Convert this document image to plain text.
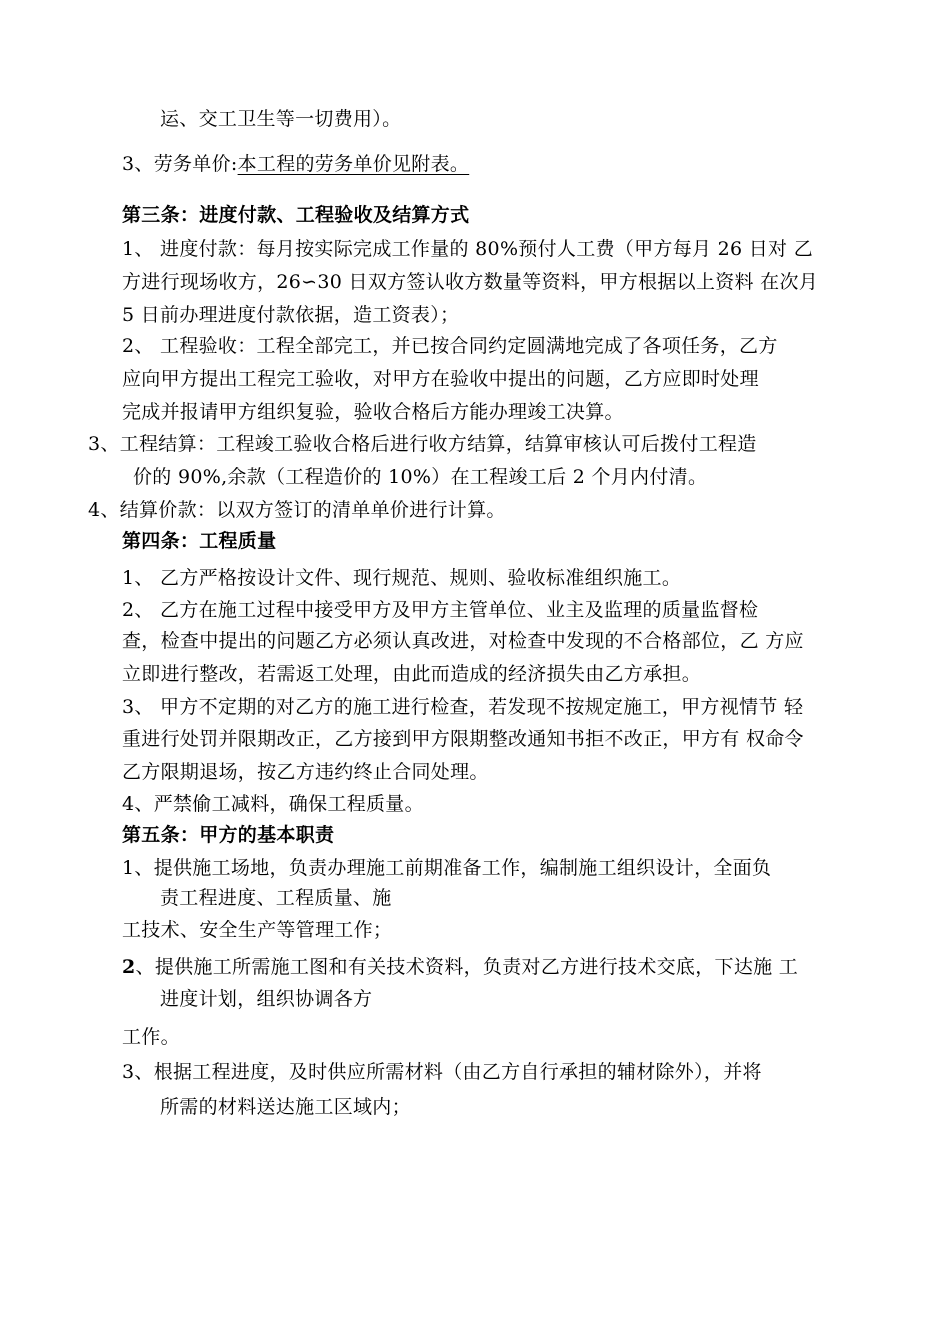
运、交工卫生等一切费用）。
3、劳务单价:本工程的劳务单价见附表。
第三条：进度付款、工程验收及结算方式
1、 进度付款：每月按实际完成工作量的 80%预付人工费（甲方每月 26 日对 乙
方进行现场收方，26∽30 日双方签认收方数量等资料，甲方根据以上资料 在次月
5 日前办理进度付款依据，造工资表）；
2、 工程验收：工程全部完工，并已按合同约定圆满地完成了各项任务，乙方
应向甲方提出工程完工验收，对甲方在验收中提出的问题，乙方应即时处理
完成并报请甲方组织复验，验收合格后方能办理竣工决算。
3、工程结算：工程竣工验收合格后进行收方结算，结算审核认可后拨付工程造
价的 90%,余款（工程造价的 10%）在工程竣工后 2 个月内付清。
4、结算价款：以双方签订的清单单价进行计算。
第四条：工程质量
1、 乙方严格按设计文件、现行规范、规则、验收标准组织施工。
2、 乙方在施工过程中接受甲方及甲方主管单位、业主及监理的质量监督检
查，检查中提出的问题乙方必须认真改进，对检查中发现的不合格部位，乙 方应
立即进行整改，若需返工处理，由此而造成的经济损失由乙方承担。
3、 甲方不定期的对乙方的施工进行检查，若发现不按规定施工，甲方视情节 轻
重进行处罚并限期改正，乙方接到甲方限期整改通知书拒不改正，甲方有 权命令
乙方限期退场，按乙方违约终止合同处理。
4、严禁偷工减料，确保工程质量。
第五条：甲方的基本职责
1、提供施工场地，负责办理施工前期准备工作，编制施工组织设计，全面负
责工程进度、工程质量、施
工技术、安全生产等管理工作；
2、提供施工所需施工图和有关技术资料，负责对乙方进行技术交底，下达施 工
进度计划，组织协调各方
工作。
3、根据工程进度，及时供应所需材料（由乙方自行承担的辅材除外），并将
所需的材料送达施工区域内；
